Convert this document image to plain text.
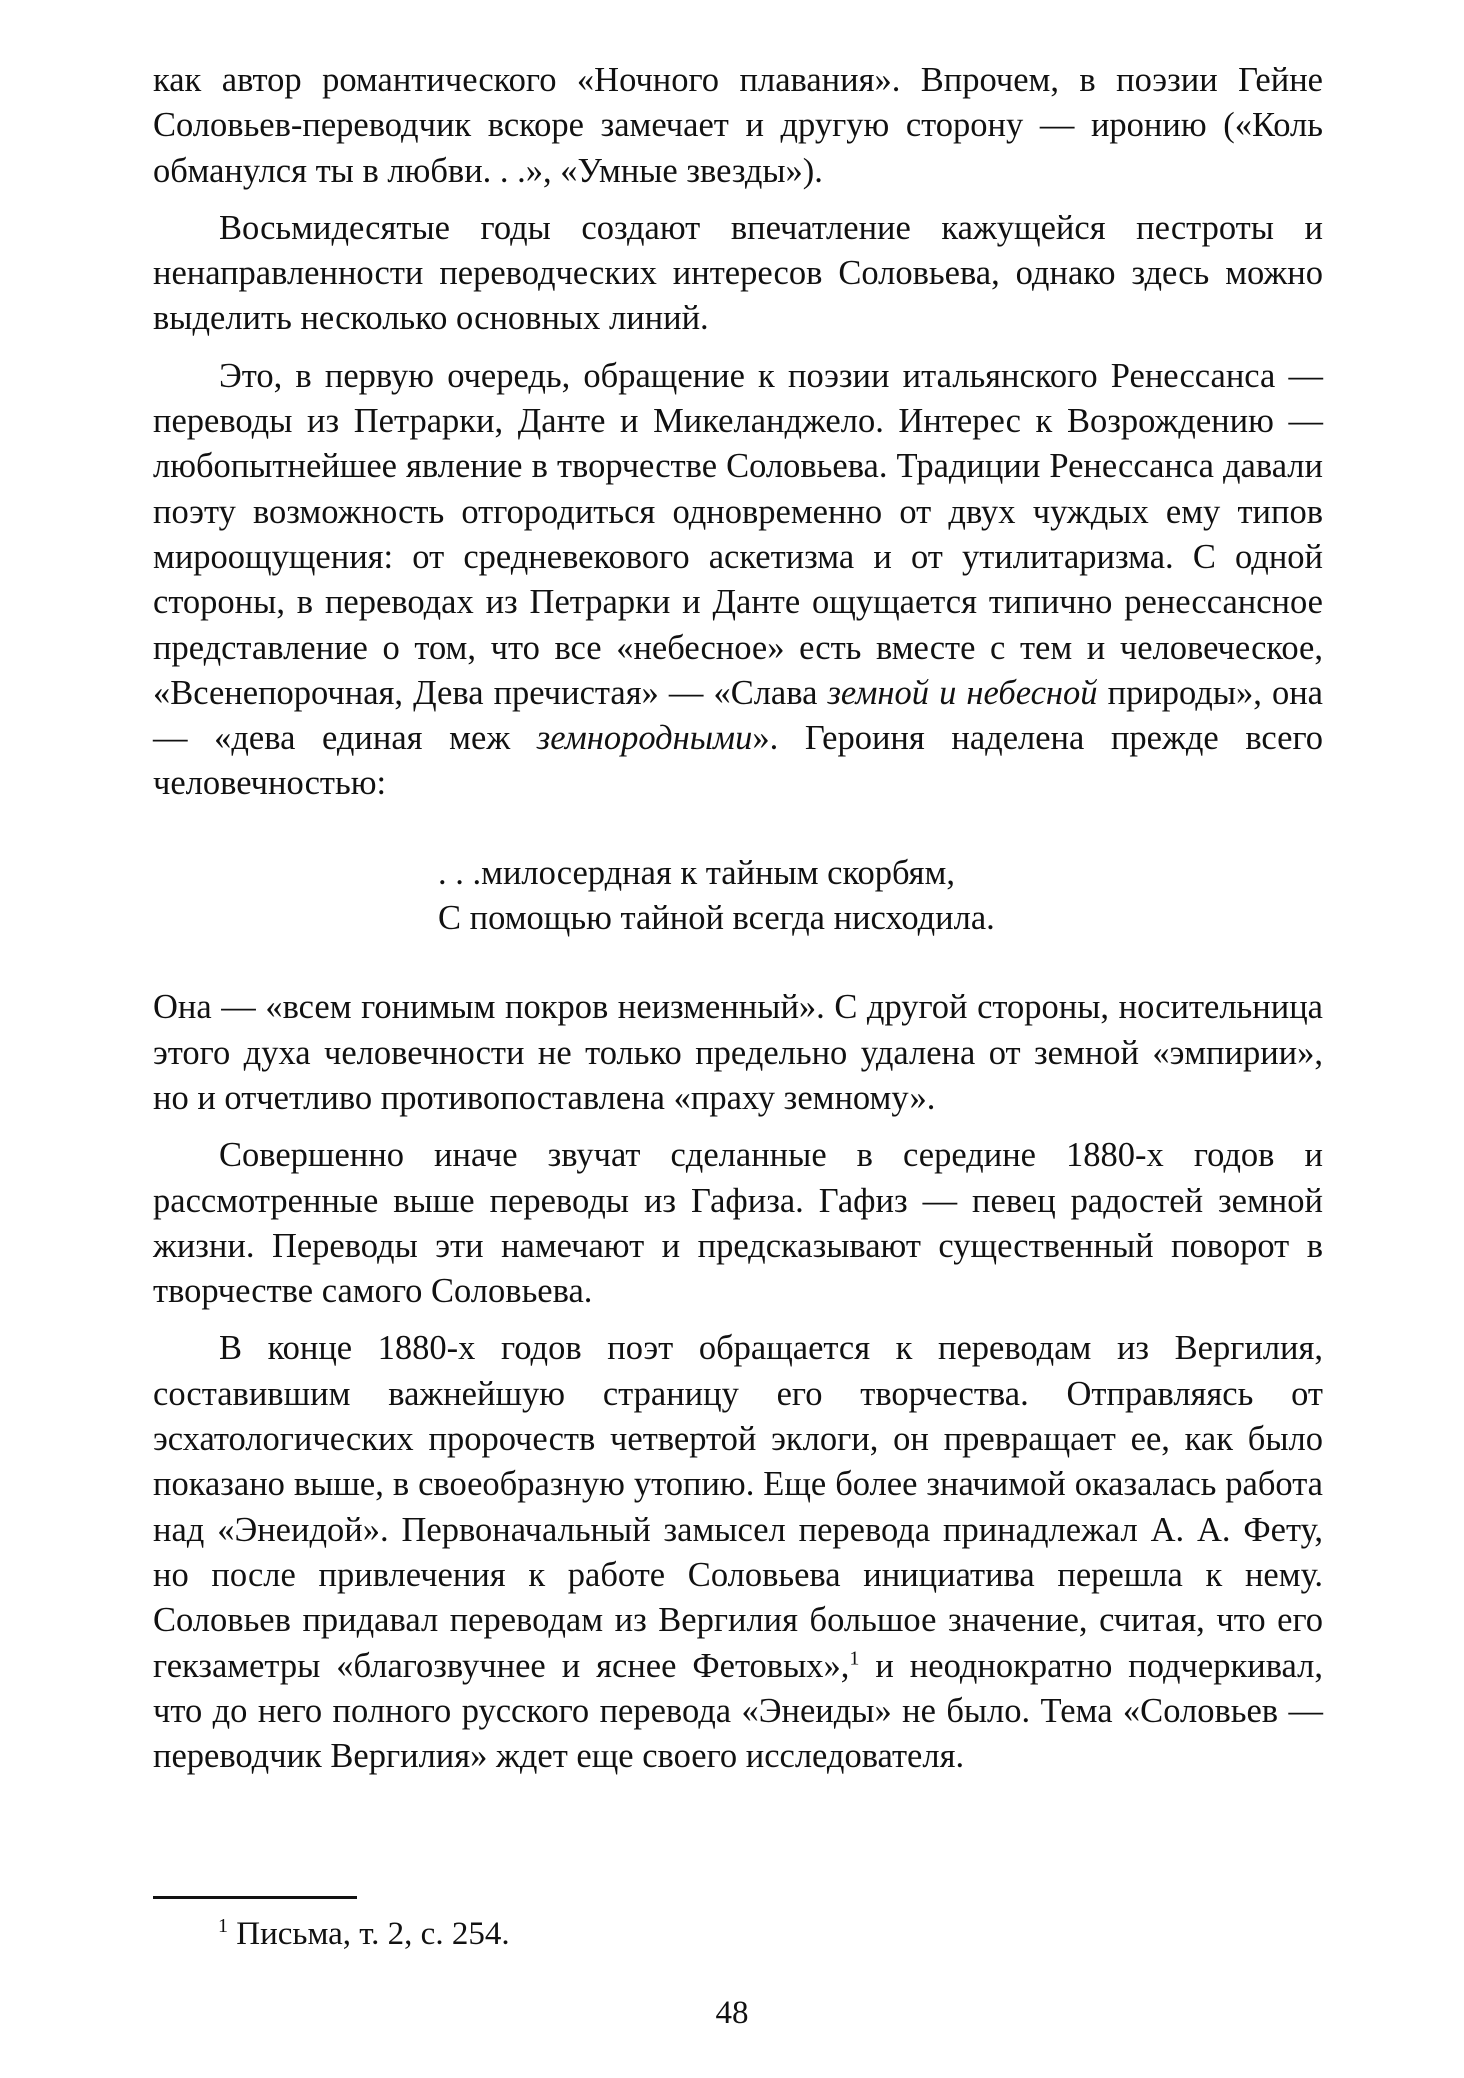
как автор романтического «Ночного плавания». Впрочем, в поэзии Гейне Соловьев-переводчик вскоре замечает и другую сторону — иронию («Коль обманулся ты в любви. . .», «Умные звезды»).

Восьмидесятые годы создают впечатление кажущейся пестроты и ненаправленности переводческих интересов Соловьева, однако здесь можно выделить несколько основных линий.

Это, в первую очередь, обращение к поэзии итальянского Ренессанса — переводы из Петрарки, Данте и Микеланджело. Интерес к Возрождению — любопытнейшее явление в творчестве Соловьева. Традиции Ренессанса давали поэту возможность отгородиться одновременно от двух чуждых ему типов мироощущения: от средневекового аскетизма и от утилитаризма. С одной стороны, в переводах из Петрарки и Данте ощущается типично ренессансное представление о том, что все «небесное» есть вместе с тем и человеческое, «Всенепорочная, Дева пречистая» — «Слава земной и небесной природы», она — «дева единая меж земнородными». Героиня наделена прежде всего человечностью:

. . .милосердная к тайным скорбям,
С помощью тайной всегда нисходила.

Она — «всем гонимым покров неизменный». С другой стороны, носительница этого духа человечности не только предельно удалена от земной «эмпирии», но и отчетливо противопоставлена «праху земному».

Совершенно иначе звучат сделанные в середине 1880-х годов и рассмотренные выше переводы из Гафиза. Гафиз — певец радостей земной жизни. Переводы эти намечают и предсказывают существенный поворот в творчестве самого Соловьева.

В конце 1880-х годов поэт обращается к переводам из Вергилия, составившим важнейшую страницу его творчества. Отправляясь от эсхатологических пророчеств четвертой эклоги, он превращает ее, как было показано выше, в своеобразную утопию. Еще более значимой оказалась работа над «Энеидой». Первоначальный замысел перевода принадлежал А. А. Фету, но после привлечения к работе Соловьева инициатива перешла к нему. Соловьев придавал переводам из Вергилия большое значение, считая, что его гекзаметры «благозвучнее и яснее Фетовых»,$^1$ и неоднократно подчеркивал, что до него полного русского перевода «Энеиды» не было. Тема «Соловьев — переводчик Вергилия» ждет еще своего исследователя.

$^1$ Письма, т. 2, с. 254.
48
